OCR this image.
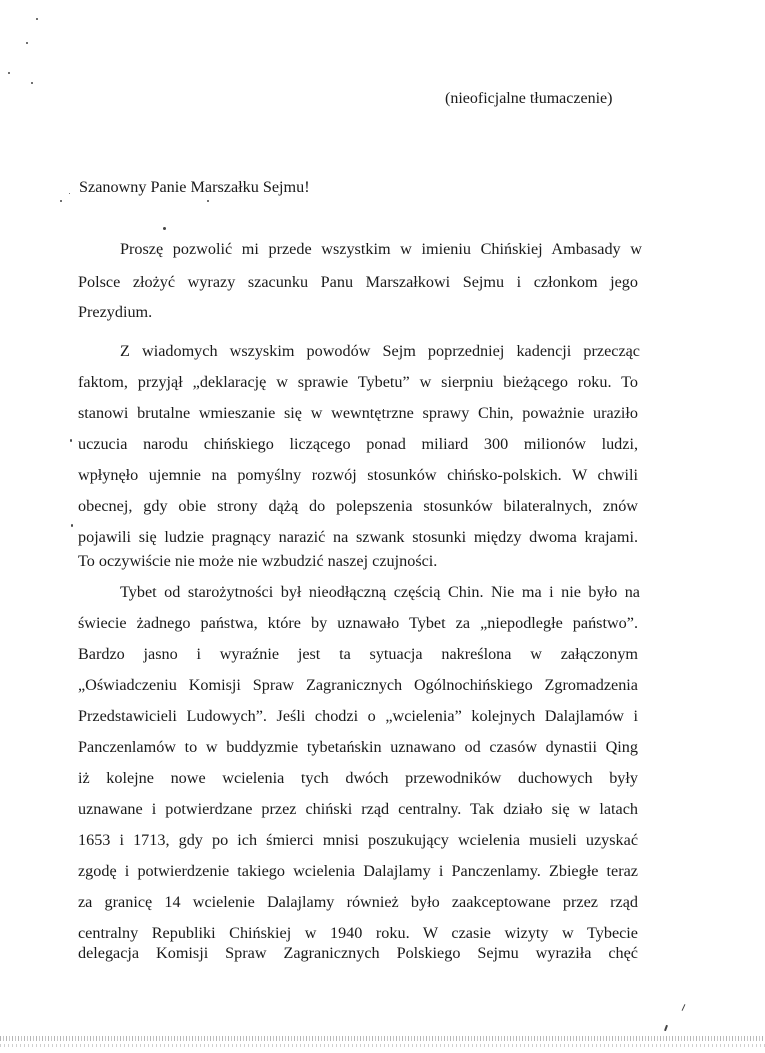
(nieoficjalne tłumaczenie)
Szanowny Panie Marszałku Sejmu!
Proszę pozwolić mi przede wszystkim w imieniu Chińskiej Ambasady w
Polsce złożyć wyrazy szacunku Panu Marszałkowi Sejmu i członkom jego
Prezydium.
Z wiadomych wszyskim powodów Sejm poprzedniej kadencji przecząc
faktom, przyjął „deklarację w sprawie Tybetu” w sierpniu bieżącego roku. To
stanowi brutalne wmieszanie się w wewntętrzne sprawy Chin, poważnie uraziło
uczucia narodu chińskiego liczącego ponad miliard 300 milionów ludzi,
wpłynęło ujemnie na pomyślny rozwój stosunków chińsko-polskich. W chwili
obecnej, gdy obie strony dążą do polepszenia stosunków bilateralnych, znów
pojawili się ludzie pragnący narazić na szwank stosunki między dwoma krajami.
To oczywiście nie może nie wzbudzić naszej czujności.
Tybet od starożytności był nieodłączną częścią Chin. Nie ma i nie było na
świecie żadnego państwa, które by uznawało Tybet za „niepodległe państwo”.
Bardzo jasno i wyraźnie jest ta sytuacja nakreślona w załączonym
„Oświadczeniu Komisji Spraw Zagranicznych Ogólnochińskiego Zgromadzenia
Przedstawicieli Ludowych”. Jeśli chodzi o „wcielenia” kolejnych Dalajlamów i
Panczenlamów to w buddyzmie tybetańskin uznawano od czasów dynastii Qing
iż kolejne nowe wcielenia tych dwóch przewodników duchowych były
uznawane i potwierdzane przez chiński rząd centralny. Tak działo się w latach
1653 i 1713, gdy po ich śmierci mnisi poszukujący wcielenia musieli uzyskać
zgodę i potwierdzenie takiego wcielenia Dalajlamy i Panczenlamy. Zbiegłe teraz
za granicę 14 wcielenie Dalajlamy również było zaakceptowane przez rząd
centralny Republiki Chińskiej w 1940 roku. W czasie wizyty w Tybecie
delegacja Komisji Spraw Zagranicznych Polskiego Sejmu wyraziła chęć
